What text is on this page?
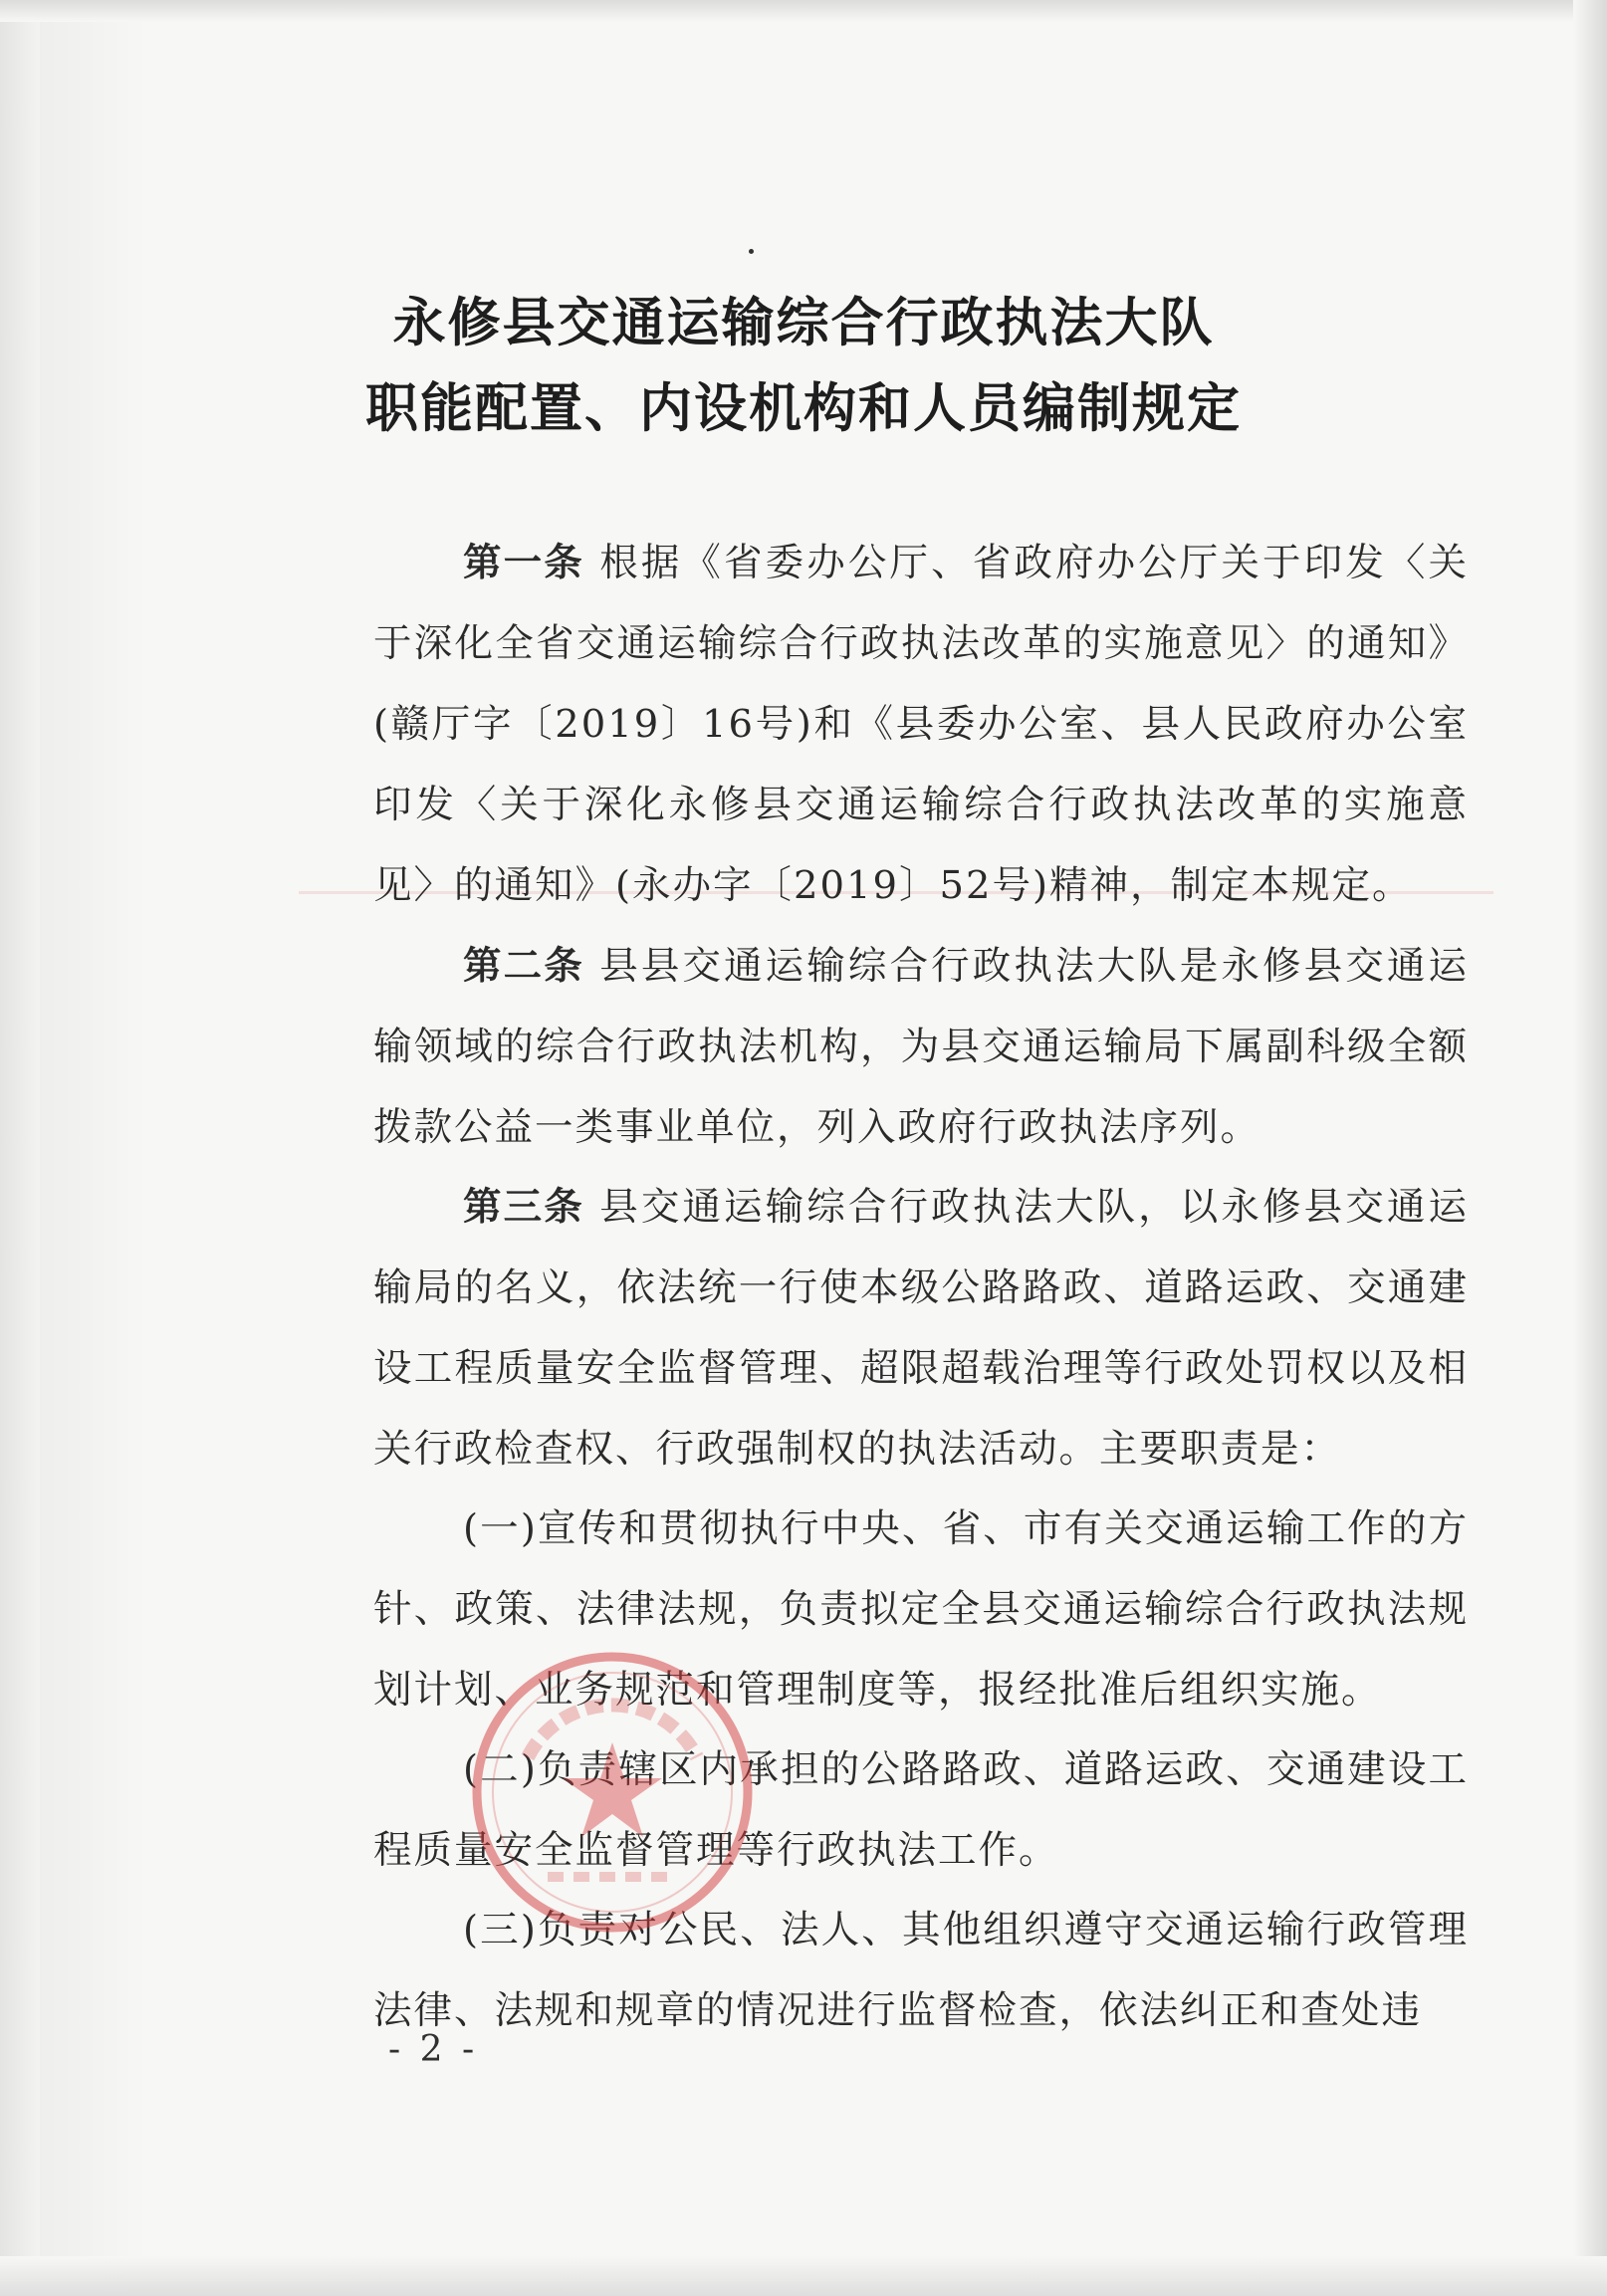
永修县交通运输综合行政执法大队
职能配置、内设机构和人员编制规定
第一条 根据《省委办公厅、省政府办公厅关于印发〈关于深化全省交通运输综合行政执法改革的实施意见〉的通知》(赣厅字〔2019〕16号)和《县委办公室、县人民政府办公室印发〈关于深化永修县交通运输综合行政执法改革的实施意见〉的通知》(永办字〔2019〕52号)精神，制定本规定。
第二条 县县交通运输综合行政执法大队是永修县交通运输领域的综合行政执法机构，为县交通运输局下属副科级全额拨款公益一类事业单位，列入政府行政执法序列。
第三条 县交通运输综合行政执法大队，以永修县交通运输局的名义，依法统一行使本级公路路政、道路运政、交通建设工程质量安全监督管理、超限超载治理等行政处罚权以及相关行政检查权、行政强制权的执法活动。主要职责是：
(一)宣传和贯彻执行中央、省、市有关交通运输工作的方针、政策、法律法规，负责拟定全县交通运输综合行政执法规划计划、业务规范和管理制度等，报经批准后组织实施。
(二)负责辖区内承担的公路路政、道路运政、交通建设工程质量安全监督管理等行政执法工作。
(三)负责对公民、法人、其他组织遵守交通运输行政管理法律、法规和规章的情况进行监督检查，依法纠正和查处违
- 2 -
